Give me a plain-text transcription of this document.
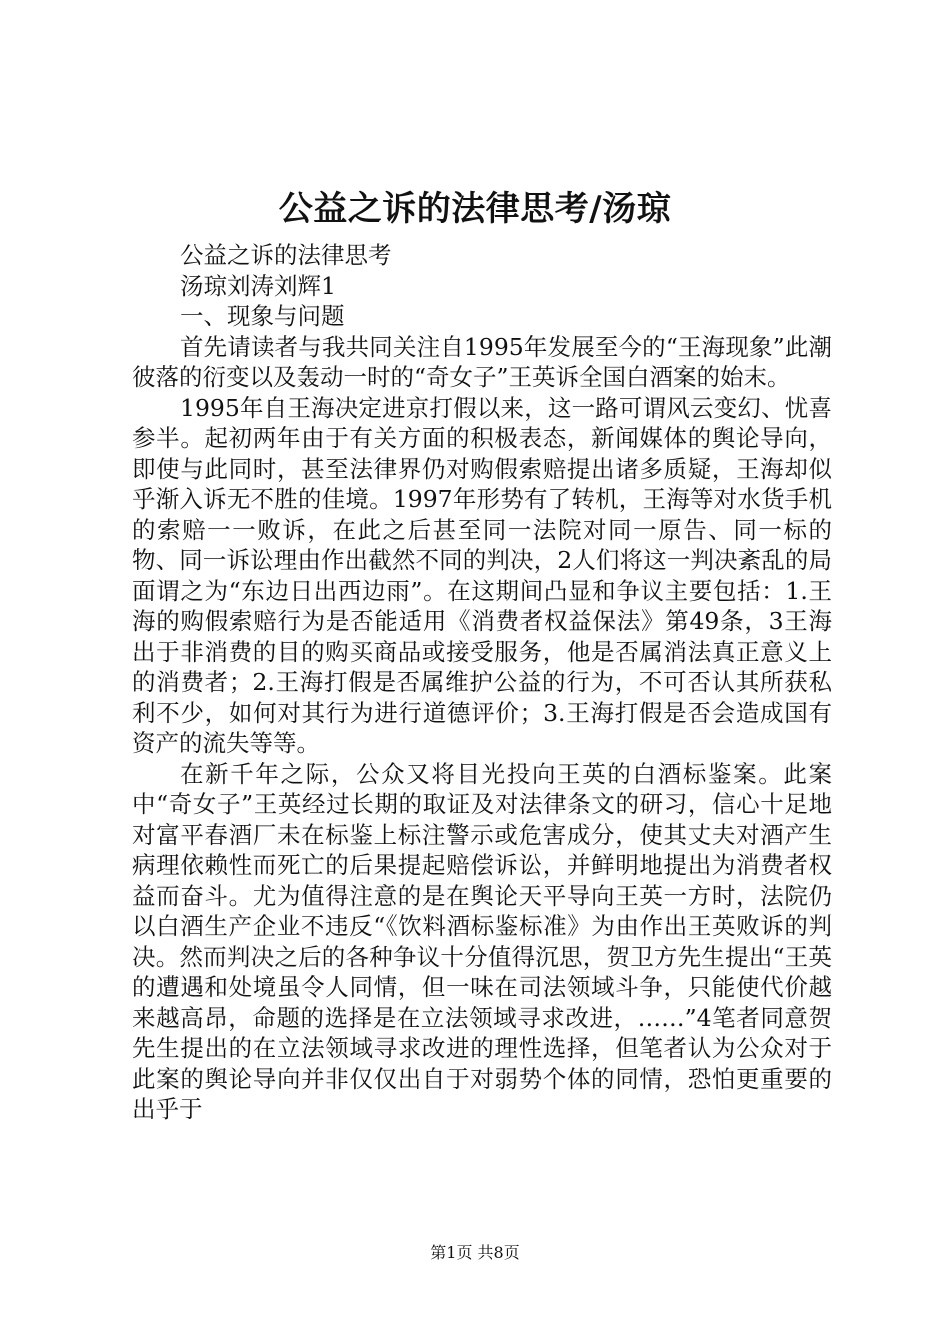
公益之诉的法律思考/汤琼

公益之诉的法律思考

汤琼刘涛刘辉1

一、现象与问题

首先请读者与我共同关注自1995年发展至今的“王海现象”此潮彼落的衍变以及轰动一时的“奇女子”王英诉全国白酒案的始末。

1995年自王海决定进京打假以来，这一路可谓风云变幻、忧喜参半。起初两年由于有关方面的积极表态，新闻媒体的舆论导向，即使与此同时，甚至法律界仍对购假索赔提出诸多质疑，王海却似乎渐入诉无不胜的佳境。1997年形势有了转机，王海等对水货手机的索赔一一败诉，在此之后甚至同一法院对同一原告、同一标的物、同一诉讼理由作出截然不同的判决，2人们将这一判决紊乱的局面谓之为“东边日出西边雨”。在这期间凸显和争议主要包括：1.王海的购假索赔行为是否能适用《消费者权益保法》第49条，3王海出于非消费的目的购买商品或接受服务，他是否属消法真正意义上的消费者；2.王海打假是否属维护公益的行为，不可否认其所获私利不少，如何对其行为进行道德评价；3.王海打假是否会造成国有资产的流失等等。

在新千年之际，公众又将目光投向王英的白酒标鉴案。此案中“奇女子”王英经过长期的取证及对法律条文的研习，信心十足地对富平春酒厂未在标鉴上标注警示或危害成分，使其丈夫对酒产生病理依赖性而死亡的后果提起赔偿诉讼，并鲜明地提出为消费者权益而奋斗。尤为值得注意的是在舆论天平导向王英一方时，法院仍以白酒生产企业不违反“《饮料酒标鉴标准》为由作出王英败诉的判决。然而判决之后的各种争议十分值得沉思，贺卫方先生提出“王英的遭遇和处境虽令人同情，但一味在司法领域斗争，只能使代价越来越高昂，命题的选择是在立法领域寻求改进，……”4笔者同意贺先生提出的在立法领域寻求改进的理性选择，但笔者认为公众对于此案的舆论导向并非仅仅出自于对弱势个体的同情，恐怕更重要的出乎于

第1页 共8页
